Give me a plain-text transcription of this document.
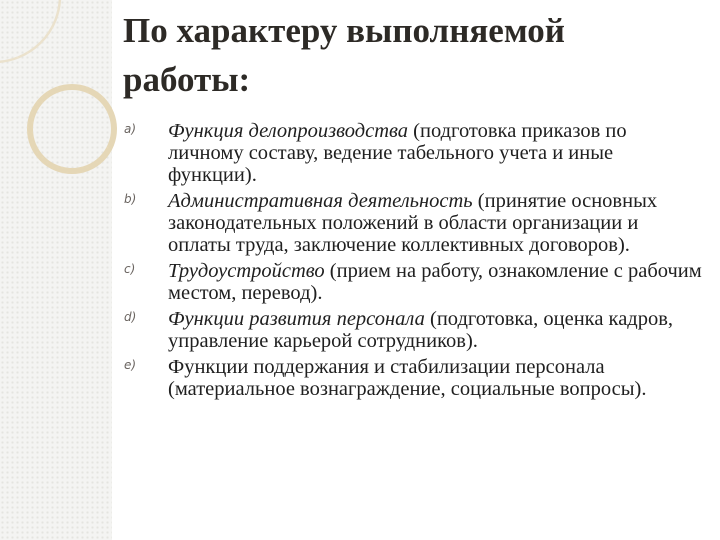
По характеру выполняемой работы:
a)	Функция делопроизводства (подготовка приказов по личному составу, ведение табельного учета и иные функции).
b)	Административная деятельность (принятие основных законодательных положений в области организации и оплаты труда, заключение коллективных договоров).
c)	Трудоустройство (прием на работу, ознакомление с рабочим местом, перевод).
d)	Функции развития персонала (подготовка, оценка кадров, управление карьерой сотрудников).
e)	Функции поддержания и стабилизации персонала (материальное вознаграждение, социальные вопросы).
